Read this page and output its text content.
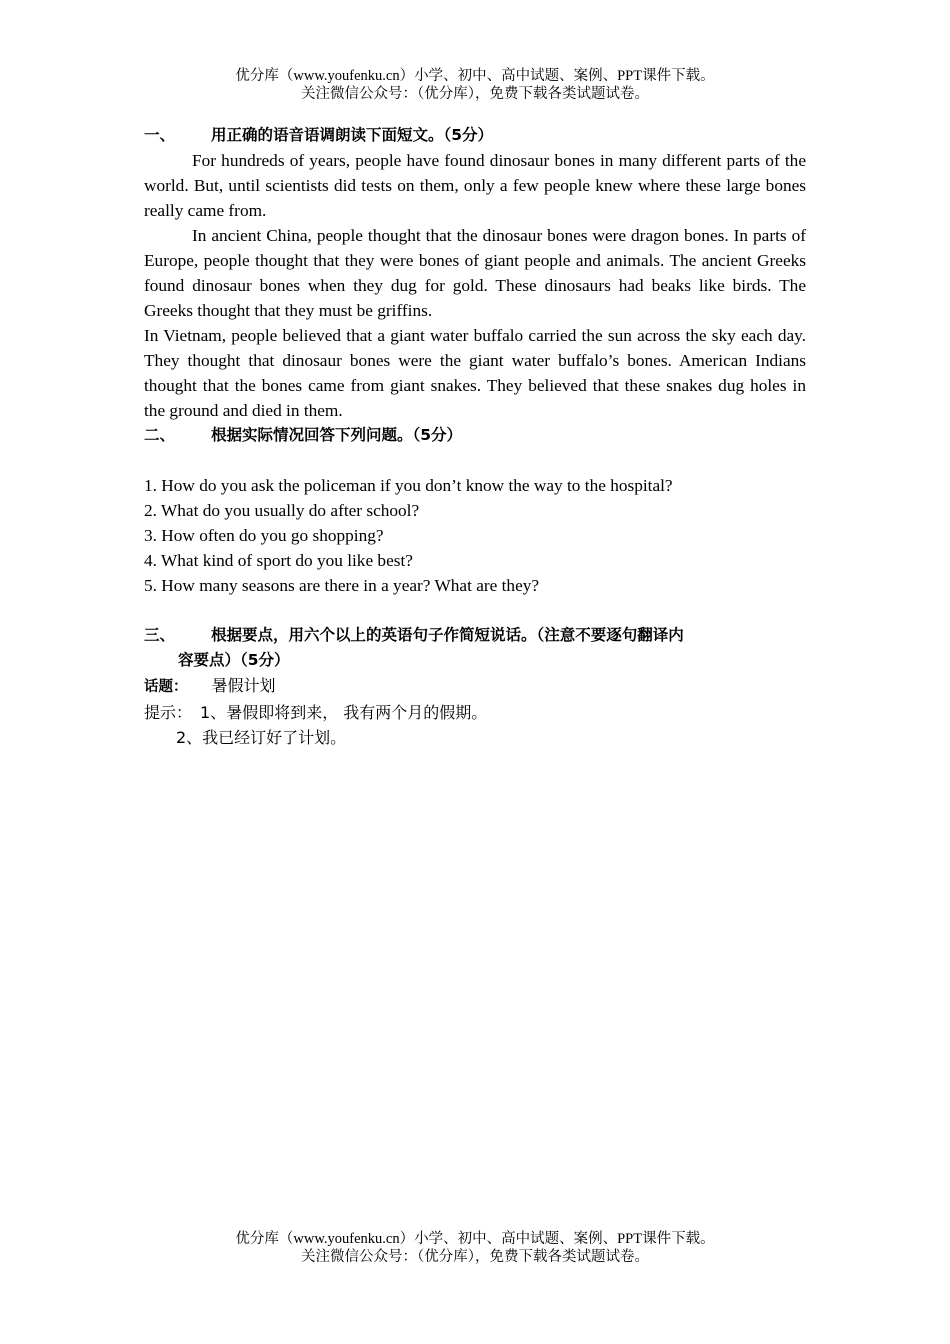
优分库（www.youfenku.cn）小学、初中、高中试题、案例、PPT课件下载。
关注微信公众号：（优分库），免费下载各类试题试卷。
一、	用正确的语音语调朗读下面短文。（5分）

For hundreds of years, people have found dinosaur bones in many different parts of the world. But, until scientists did tests on them, only a few people knew where these large bones really came from.

In ancient China, people thought that the dinosaur bones were dragon bones. In parts of Europe, people thought that they were bones of giant people and animals. The ancient Greeks found dinosaur bones when they dug for gold. These dinosaurs had beaks like birds. The Greeks thought that they must be griffins.

In Vietnam, people believed that a giant water buffalo carried the sun across the sky each day. They thought that dinosaur bones were the giant water buffalo’s bones. American Indians thought that the bones came from giant snakes. They believed that these snakes dug holes in the ground and died in them.

二、	根据实际情况回答下列问题。（5分）
1. How do you ask the policeman if you don’t know the way to the hospital?
2. What do you usually do after school?
3. How often do you go shopping?
4. What kind of sport do you like best?
5. How many seasons are there in a year? What are they?
三、	根据要点，用六个以上的英语句子作简短说话。（注意不要逐句翻译内
容要点）（5分）
话题： 暑假计划
提示： 1、暑假即将到来， 我有两个月的假期。
2、我已经订好了计划。
优分库（www.youfenku.cn）小学、初中、高中试题、案例、PPT课件下载。
关注微信公众号：（优分库），免费下载各类试题试卷。
